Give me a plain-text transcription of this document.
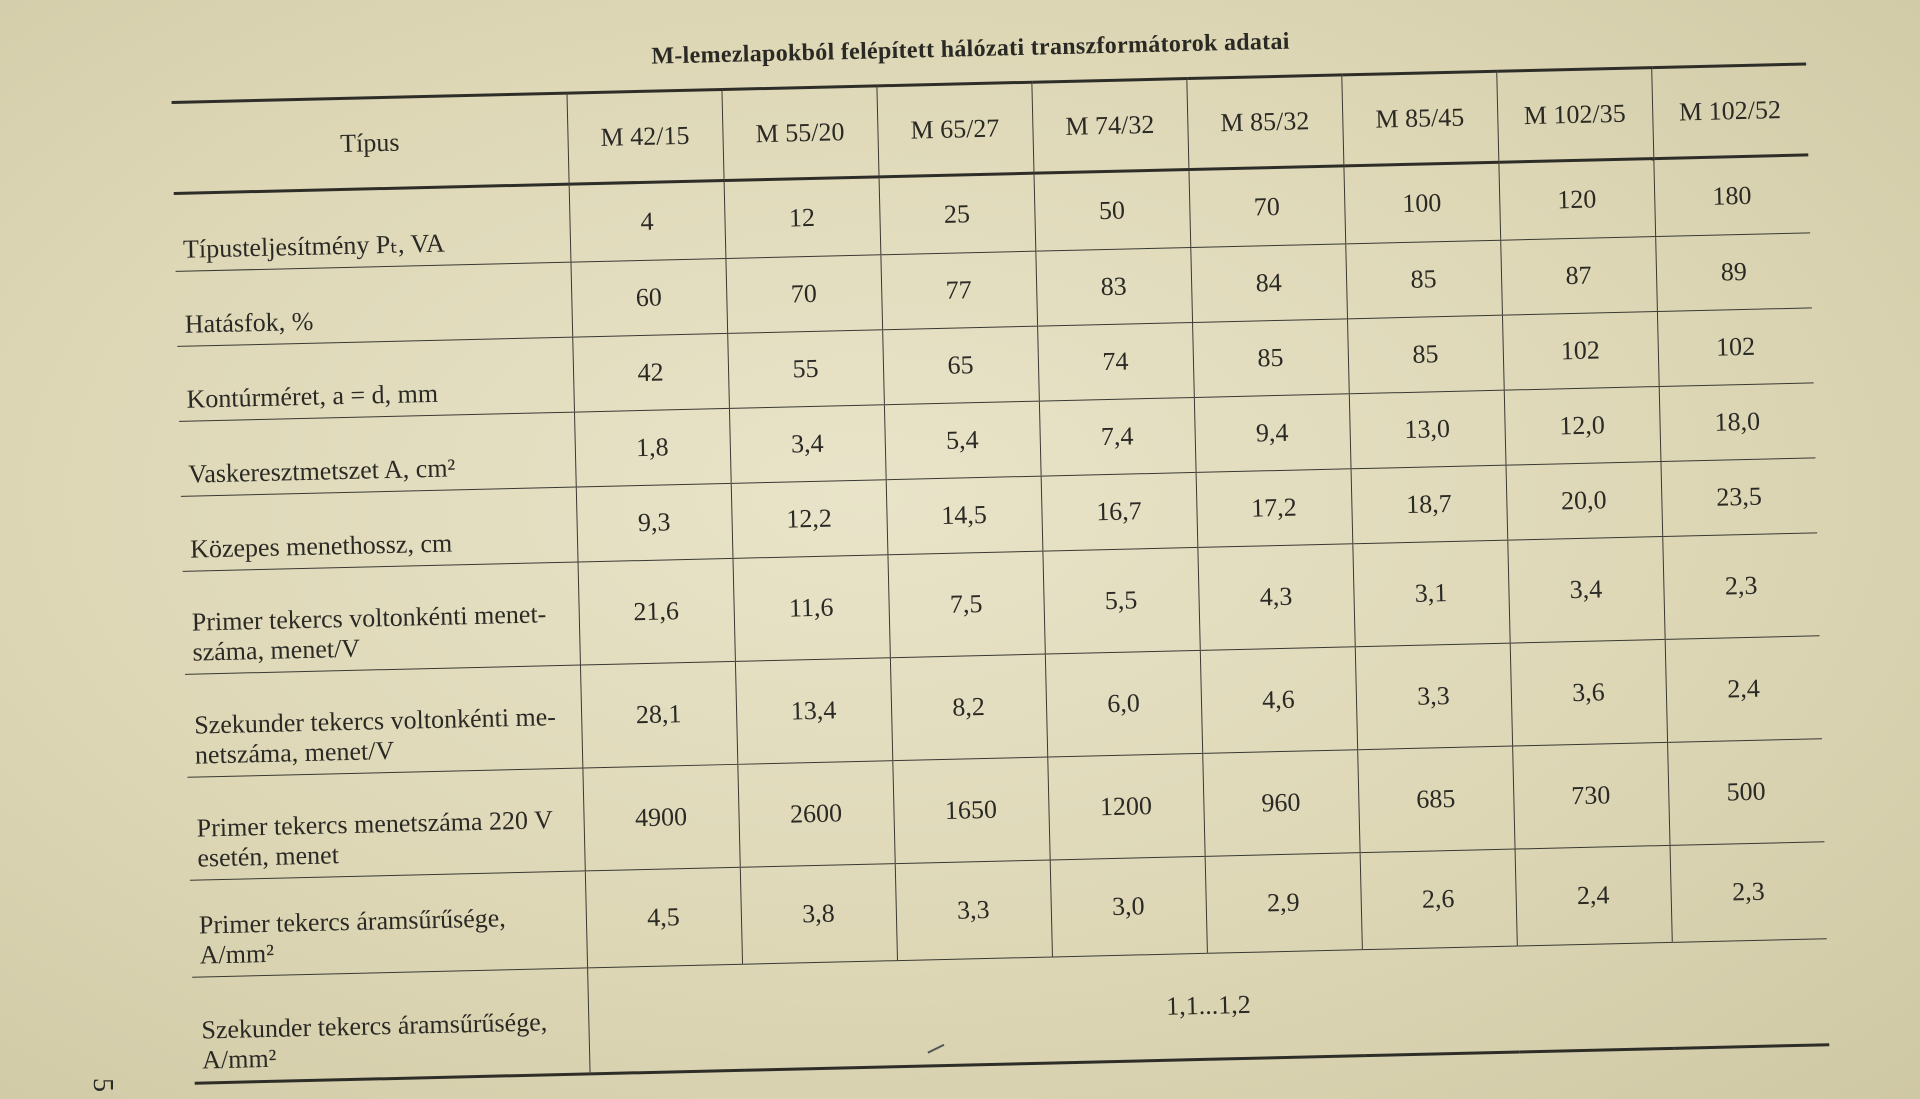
M-lemezlapokból felépített hálózati transzformátorok adatai
Típus	M 42/15	M 55/20	M 65/27	M 74/32	M 85/32	M 85/45	M 102/35	M 102/52
Típusteljesítmény Pₜ, VA	4	12	25	50	70	100	120	180
Hatásfok, %	60	70	77	83	84	85	87	89
Kontúrméret, a = d, mm	42	55	65	74	85	85	102	102
Vaskeresztmetszet A, cm²	1,8	3,4	5,4	7,4	9,4	13,0	12,0	18,0
Közepes menethossz, cm	9,3	12,2	14,5	16,7	17,2	18,7	20,0	23,5
Primer tekercs voltonkénti menet-száma, menet/V	21,6	11,6	7,5	5,5	4,3	3,1	3,4	2,3
Szekunder tekercs voltonkénti me-netszáma, menet/V	28,1	13,4	8,2	6,0	4,6	3,3	3,6	2,4
Primer tekercs menetszáma 220 V esetén, menet	4900	2600	1650	1200	960	685	730	500
Primer tekercs áramsűrűsége, A/mm²	4,5	3,8	3,3	3,0	2,9	2,6	2,4	2,3
Szekunder tekercs áramsűrűsége, A/mm²	1,1...1,2							
5
